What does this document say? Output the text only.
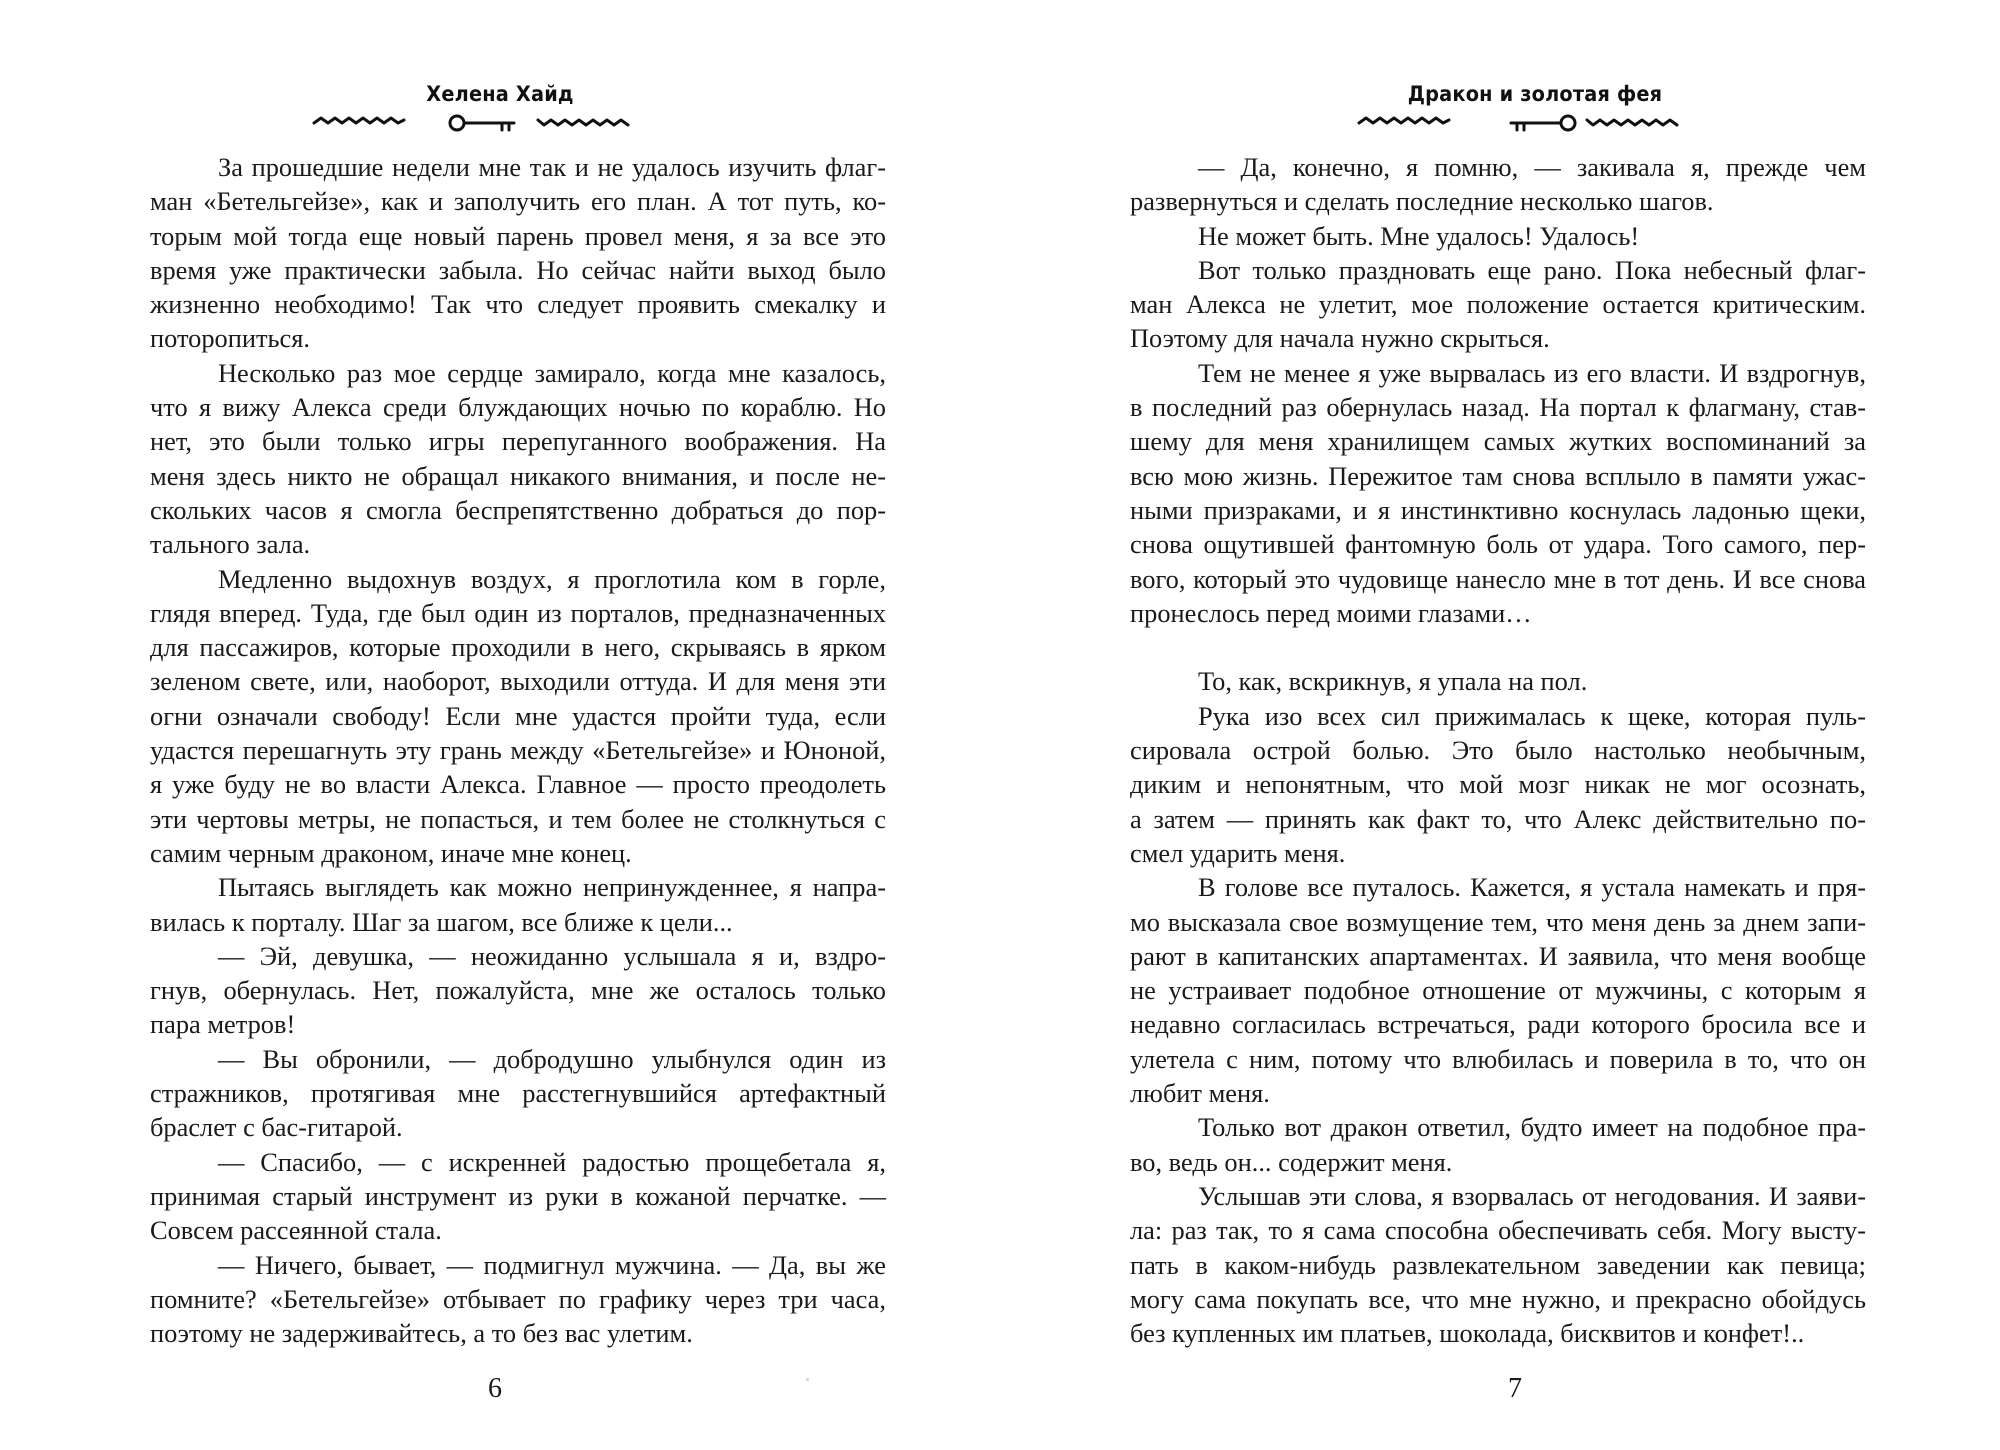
Хелена Хайд

За прошедшие недели мне так и не удалось изучить флаг-

ман «Бетельгейзе», как и заполучить его план. А тот путь, ко-

торым мой тогда еще новый парень провел меня, я за все это

время уже практически забыла. Но сейчас найти выход было

жизненно необходимо! Так что следует проявить смекалку и

поторопиться.

Несколько раз мое сердце замирало, когда мне казалось,

что я вижу Алекса среди блуждающих ночью по кораблю. Но

нет, это были только игры перепуганного воображения. На

меня здесь никто не обращал никакого внимания, и после не-

скольких часов я смогла беспрепятственно добраться до пор-

тального зала.

Медленно выдохнув воздух, я проглотила ком в горле,

глядя вперед. Туда, где был один из порталов, предназначенных

для пассажиров, которые проходили в него, скрываясь в ярком

зеленом свете, или, наоборот, выходили оттуда. И для меня эти

огни означали свободу! Если мне удастся пройти туда, если

удастся перешагнуть эту грань между «Бетельгейзе» и Юноной,

я уже буду не во власти Алекса. Главное — просто преодолеть

эти чертовы метры, не попасться, и тем более не столкнуться с

самим черным драконом, иначе мне конец.

Пытаясь выглядеть как можно непринужденнее, я напра-

вилась к порталу. Шаг за шагом, все ближе к цели...

— Эй, девушка, — неожиданно услышала я и, вздро-

гнув, обернулась. Нет, пожалуйста, мне же осталось только

пара метров!

— Вы обронили, — добродушно улыбнулся один из

стражников, протягивая мне расстегнувшийся артефактный

браслет с бас-гитарой.

— Спасибо, — с искренней радостью прощебетала я,

принимая старый инструмент из руки в кожаной перчатке. —

Совсем рассеянной стала.

— Ничего, бывает, — подмигнул мужчина. — Да, вы же

помните? «Бетельгейзе» отбывает по графику через три часа,

поэтому не задерживайтесь, а то без вас улетим.

6
Дракон и золотая фея

— Да, конечно, я помню, — закивала я, прежде чем

развернуться и сделать последние несколько шагов.

Не может быть. Мне удалось! Удалось!

Вот только праздновать еще рано. Пока небесный флаг-

ман Алекса не улетит, мое положение остается критическим.

Поэтому для начала нужно скрыться.

Тем не менее я уже вырвалась из его власти. И вздрогнув,

в последний раз обернулась назад. На портал к флагману, став-

шему для меня хранилищем самых жутких воспоминаний за

всю мою жизнь. Пережитое там снова всплыло в памяти ужас-

ными призраками, и я инстинктивно коснулась ладонью щеки,

снова ощутившей фантомную боль от удара. Того самого, пер-

вого, который это чудовище нанесло мне в тот день. И все снова

пронеслось перед моими глазами…

То, как, вскрикнув, я упала на пол.

Рука изо всех сил прижималась к щеке, которая пуль-

сировала острой болью. Это было настолько необычным,

диким и непонятным, что мой мозг никак не мог осознать,

а затем — принять как факт то, что Алекс действительно по-

смел ударить меня.

В голове все путалось. Кажется, я устала намекать и пря-

мо высказала свое возмущение тем, что меня день за днем запи-

рают в капитанских апартаментах. И заявила, что меня вообще

не устраивает подобное отношение от мужчины, с которым я

недавно согласилась встречаться, ради которого бросила все и

улетела с ним, потому что влюбилась и поверила в то, что он

любит меня.

Только вот дракон ответил, будто имеет на подобное пра-

во, ведь он... содержит меня.

Услышав эти слова, я взорвалась от негодования. И заяви-

ла: раз так, то я сама способна обеспечивать себя. Могу высту-

пать в каком-нибудь развлекательном заведении как певица;

могу сама покупать все, что мне нужно, и прекрасно обойдусь

без купленных им платьев, шоколада, бисквитов и конфет!..

7
